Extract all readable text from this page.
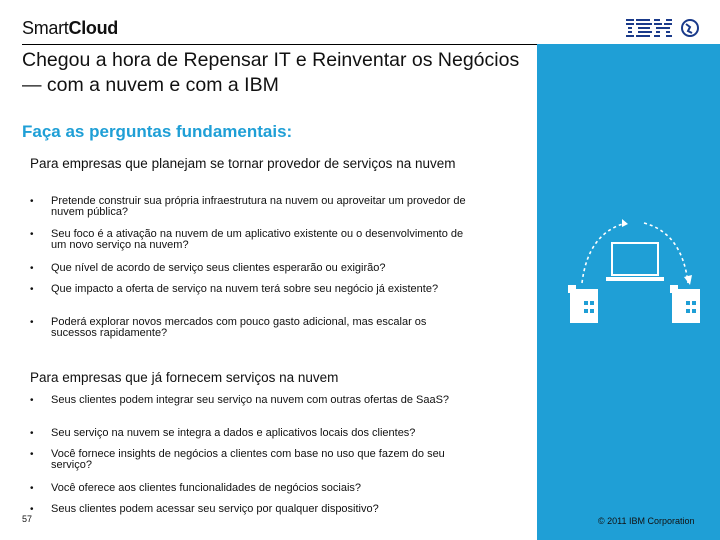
SmartCloud	IBM
Chegou a hora de Repensar IT e Reinventar os Negócios — com a nuvem e com a IBM
Faça as perguntas fundamentais:
Para empresas que planejam se tornar provedor de serviços na nuvem
• Pretende construir sua própria infraestrutura na nuvem ou aproveitar um provedor de nuvem pública?
• Seu foco é a ativação na nuvem de um aplicativo existente ou o desenvolvimento de um novo serviço na nuvem?
• Que nível de acordo de serviço seus clientes esperarão ou exigirão?
• Que impacto a oferta de serviço na nuvem terá sobre seu negócio já existente?
• Poderá explorar novos mercados com pouco gasto adicional, mas escalar os sucessos rapidamente?
Para empresas que já fornecem serviços na nuvem
• Seus clientes podem integrar seu serviço na nuvem com outras ofertas de SaaS?
• Seu serviço na nuvem se integra a dados e aplicativos locais dos clientes?
• Você fornece insights de negócios a clientes com base no uso que fazem do seu serviço?
• Você oferece aos clientes funcionalidades de negócios sociais?
• Seus clientes podem acessar seu serviço por qualquer dispositivo?
57	© 2011 IBM Corporation
